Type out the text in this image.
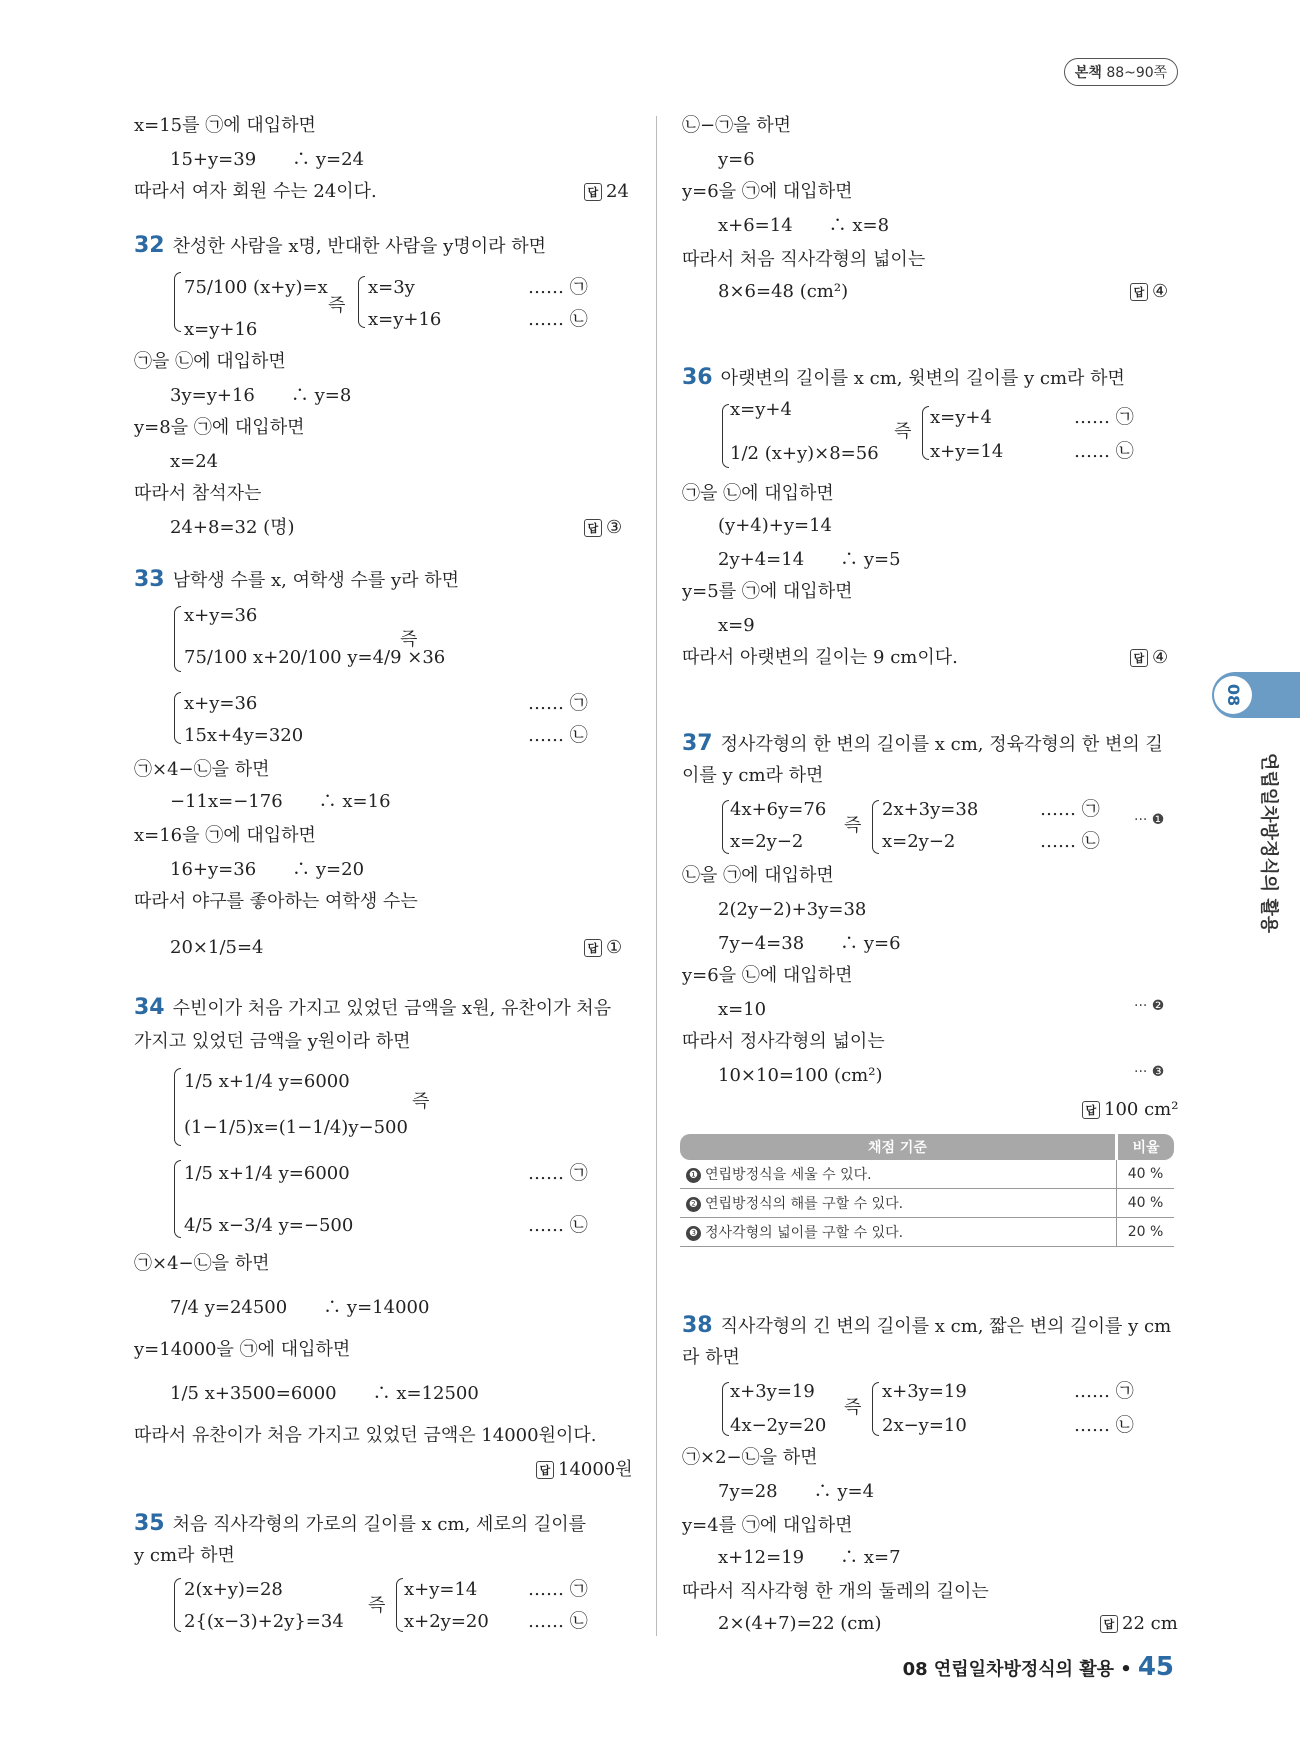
본책 88~90쪽
x=15를 ㉠에 대입하면
15+y=39　　∴ y=24
따라서 여자 회원 수는 24이다.	답 24
32 찬성한 사람을 x명, 반대한 사람을 y명이라 하면
75/100 (x+y)=x
x=y+16
즉
x=3y
x=y+16
…… ㉠
…… ㉡
㉠을 ㉡에 대입하면
3y=y+16　　∴ y=8
y=8을 ㉠에 대입하면
x=24
따라서 참석자는
24+8=32 (명)	답 ③
33 남학생 수를 x, 여학생 수를 y라 하면
x+y=36
75/100 x+20/100 y=4/9 ×36
즉
x+y=36
15x+4y=320
…… ㉠
…… ㉡
㉠×4−㉡을 하면
−11x=−176　　∴ x=16
x=16을 ㉠에 대입하면
16+y=36　　∴ y=20
따라서 야구를 좋아하는 여학생 수는
20×1/5=4	답 ①
34 수빈이가 처음 가지고 있었던 금액을 x원, 유찬이가 처음
가지고 있었던 금액을 y원이라 하면
1/5 x+1/4 y=6000
(1−1/5)x=(1−1/4)y−500
즉
1/5 x+1/4 y=6000
4/5 x−3/4 y=−500
…… ㉠
…… ㉡
㉠×4−㉡을 하면
7/4 y=24500　　∴ y=14000
y=14000을 ㉠에 대입하면
1/5 x+3500=6000　　∴ x=12500
따라서 유찬이가 처음 가지고 있었던 금액은 14000원이다.
답 14000원
35 처음 직사각형의 가로의 길이를 x cm, 세로의 길이를
y cm라 하면
2(x+y)=28
2{(x−3)+2y}=34
즉
x+y=14
x+2y=20
…… ㉠
…… ㉡
㉡−㉠을 하면
y=6
y=6을 ㉠에 대입하면
x+6=14　　∴ x=8
따라서 처음 직사각형의 넓이는
8×6=48 (cm²)	답 ④
36 아랫변의 길이를 x cm, 윗변의 길이를 y cm라 하면
x=y+4
1/2 (x+y)×8=56
즉
x=y+4
x+y=14
…… ㉠
…… ㉡
㉠을 ㉡에 대입하면
(y+4)+y=14
2y+4=14　　∴ y=5
y=5를 ㉠에 대입하면
x=9
따라서 아랫변의 길이는 9 cm이다.	답 ④
37 정사각형의 한 변의 길이를 x cm, 정육각형의 한 변의 길
이를 y cm라 하면
4x+6y=76
x=2y−2
즉
2x+3y=38
x=2y−2
…… ㉠
…… ㉡
··· ❶
㉡을 ㉠에 대입하면
2(2y−2)+3y=38
7y−4=38　　∴ y=6
y=6을 ㉡에 대입하면
x=10	··· ❷
따라서 정사각형의 넓이는
10×10=100 (cm²)	··· ❸
답 100 cm²
채점 기준	비율
❶ 연립방정식을 세울 수 있다.	40 %
❷ 연립방정식의 해를 구할 수 있다.	40 %
❸ 정사각형의 넓이를 구할 수 있다.	20 %
38 직사각형의 긴 변의 길이를 x cm, 짧은 변의 길이를 y cm
라 하면
x+3y=19
4x−2y=20
즉
x+3y=19
2x−y=10
…… ㉠
…… ㉡
㉠×2−㉡을 하면
7y=28　　∴ y=4
y=4를 ㉠에 대입하면
x+12=19　　∴ x=7
따라서 직사각형 한 개의 둘레의 길이는
2×(4+7)=22 (cm)	답 22 cm
08
연립일차방정식의 활용
08 연립일차방정식의 활용 • 45
